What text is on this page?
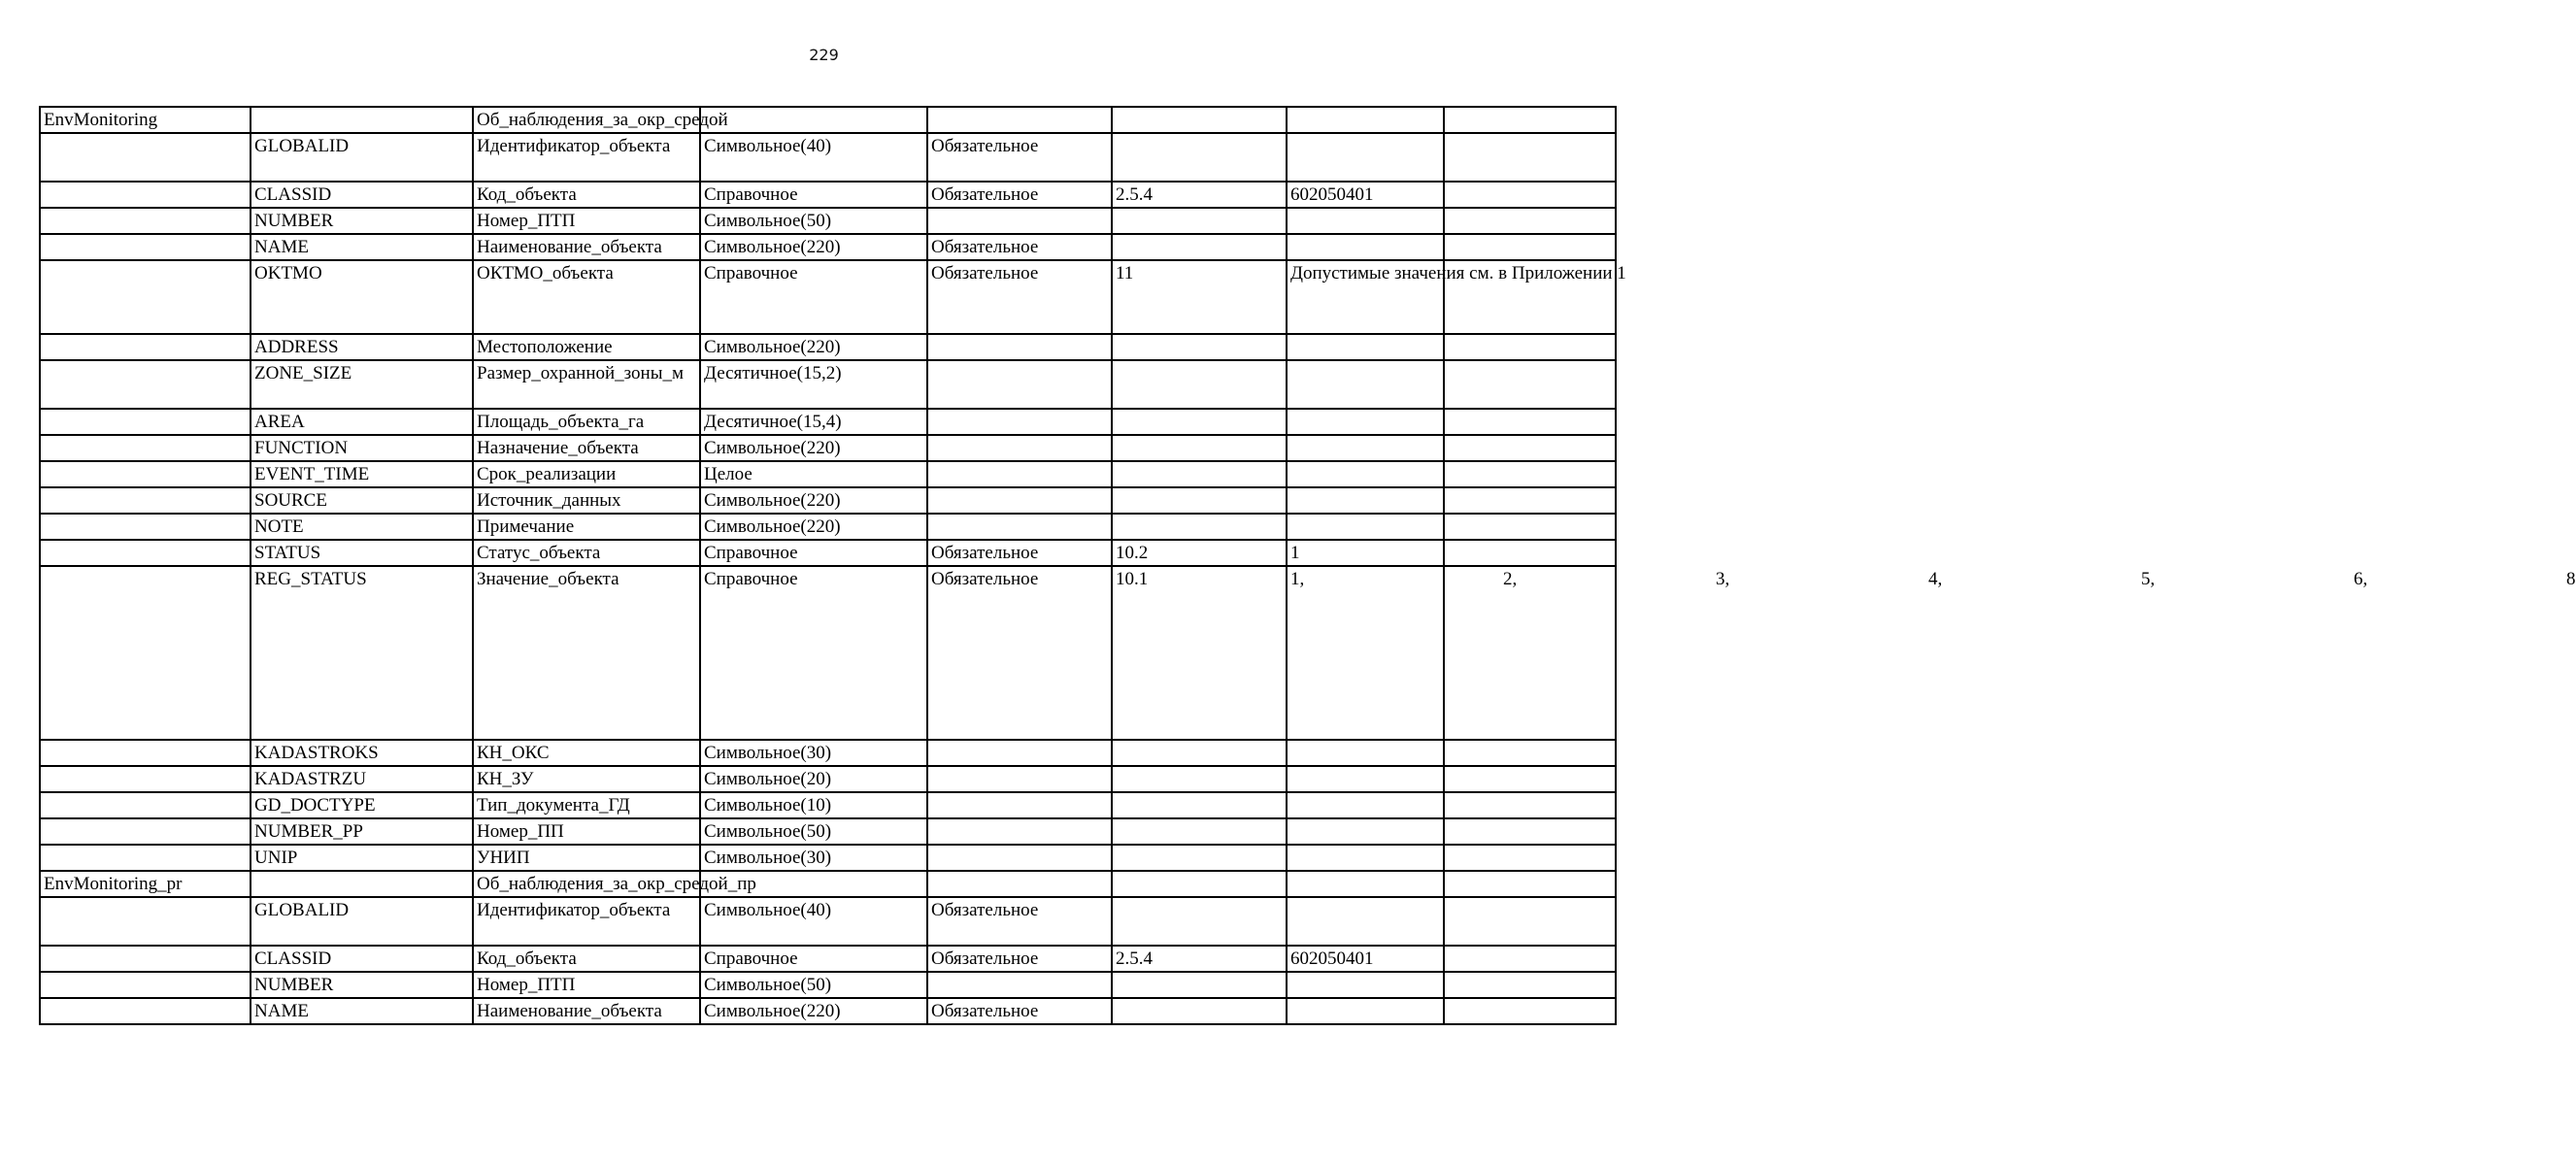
229
EnvMonitoring		Об_наблюдения_за_окр_средой					
	GLOBALID	Идентификатор_объекта	Символьное(40)	Обязательное			
	CLASSID	Код_объекта	Справочное	Обязательное	2.5.4	602050401	
	NUMBER	Номер_ПТП	Символьное(50)				
	NAME	Наименование_объекта	Символьное(220)	Обязательное			
	OKTMO	ОКТМО_объекта	Справочное	Обязательное	11	Допустимые значения см. в Приложении 1	
	ADDRESS	Местоположение	Символьное(220)				
	ZONE_SIZE	Размер_охранной_зоны_м	Десятичное(15,2)				
	AREA	Площадь_объекта_га	Десятичное(15,4)				
	FUNCTION	Назначение_объекта	Символьное(220)				
	EVENT_TIME	Срок_реализации	Целое				
	SOURCE	Источник_данных	Символьное(220)				
	NOTE	Примечание	Символьное(220)				
	STATUS	Статус_объекта	Справочное	Обязательное	10.2	1	
	REG_STATUS	Значение_объекта	Справочное	Обязательное	10.1	1, 2, 3, 4, 5, 6, 8	
	KADASTROKS	КН_ОКС	Символьное(30)				
	KADASTRZU	КН_ЗУ	Символьное(20)				
	GD_DOCTYPE	Тип_документа_ГД	Символьное(10)				
	NUMBER_PP	Номер_ПП	Символьное(50)				
	UNIP	УНИП	Символьное(30)				
EnvMonitoring_pr		Об_наблюдения_за_окр_средой_пр					
	GLOBALID	Идентификатор_объекта	Символьное(40)	Обязательное			
	CLASSID	Код_объекта	Справочное	Обязательное	2.5.4	602050401	
	NUMBER	Номер_ПТП	Символьное(50)				
	NAME	Наименование_объекта	Символьное(220)	Обязательное			
